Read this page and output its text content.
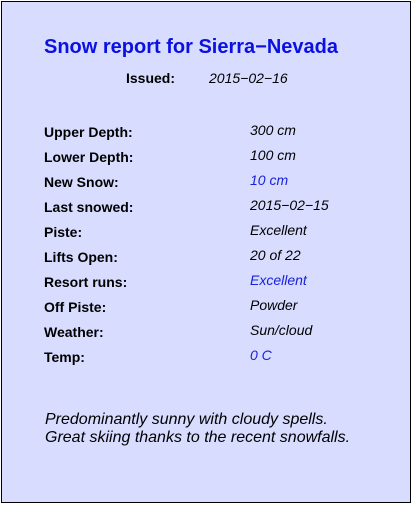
Snow report for Sierra−Nevada
Issued: 2015−02−16
Upper Depth:	300 cm
Lower Depth:	100 cm
New Snow:	10 cm
Last snowed:	2015−02−15
Piste:	Excellent
Lifts Open:	20 of 22
Resort runs:	Excellent
Off Piste:	Powder
Weather:	Sun/cloud
Temp:	0 C
Predominantly sunny with cloudy spells.
Great skiing thanks to the recent snowfalls.
